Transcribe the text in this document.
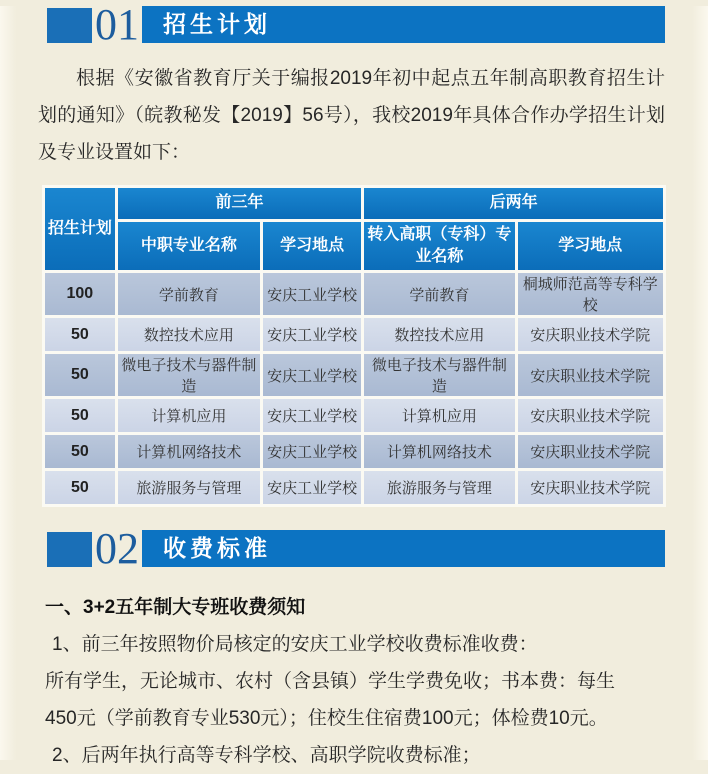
01	招生计划

根据《安徽省教育厅关于编报2019年初中起点五年制高职教育招生计划的通知》（皖教秘发【2019】56号），我校2019年具体合作办学招生计划及专业设置如下：

招生计划	前三年		后两年	
	中职专业名称	学习地点	转入高职（专科）专业名称	学习地点
100	学前教育	安庆工业学校	学前教育	桐城师范高等专科学校
50	数控技术应用	安庆工业学校	数控技术应用	安庆职业技术学院
50	微电子技术与器件制造	安庆工业学校	微电子技术与器件制造	安庆职业技术学院
50	计算机应用	安庆工业学校	计算机应用	安庆职业技术学院
50	计算机网络技术	安庆工业学校	计算机网络技术	安庆职业技术学院
50	旅游服务与管理	安庆工业学校	旅游服务与管理	安庆职业技术学院
02	收费标准
一、3+2五年制大专班收费须知
1、前三年按照物价局核定的安庆工业学校收费标准收费：
所有学生，无论城市、农村（含县镇）学生学费免收；书本费：每生
450元（学前教育专业530元）；住校生住宿费100元；体检费10元。
2、后两年执行高等专科学校、高职学院收费标准；
